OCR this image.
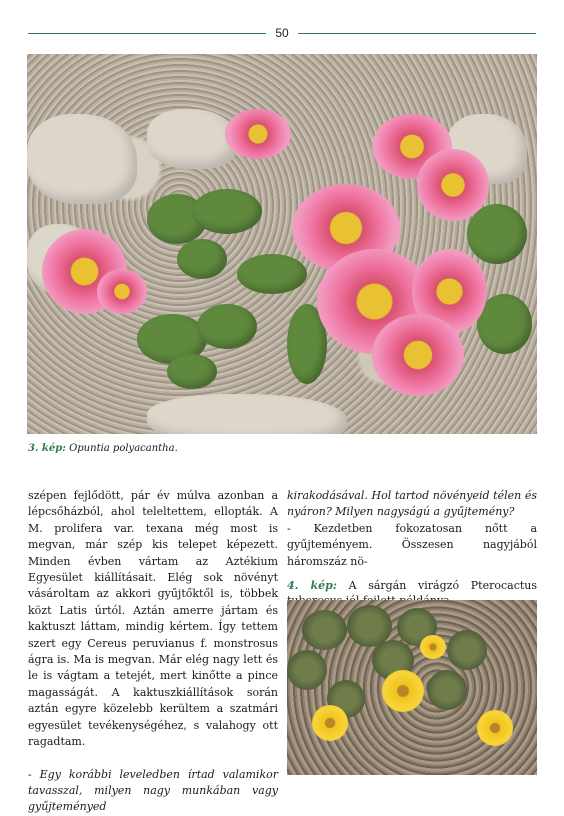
50
3. kép: Opuntia polyacantha.

szépen fejlődött, pár év múlva azonban a lépcsőházból, ahol teleltettem, ellopták. A M. prolifera var. texana még most is megvan, már szép kis telepet képezett. Minden évben vártam az Aztékium Egyesület kiállításait. Elég sok növényt vásároltam az akkori gyűjtőktől is, többek közt Latis úrtól. Aztán amerre jártam és kaktuszt láttam, mindig kértem. Így tettem szert egy Cereus peruvianus f. monstrosus ágra is. Ma is megvan. Már elég nagy lett és le is vágtam a tetejét, mert kinőtte a pince magasságát. A kaktuszkiállítások során aztán egyre közelebb kerültem a szatmári egyesület tevékenységéhez, s valahogy ott ragadtam.

- Egy korábbi leveledben írtad valamikor tavasszal, milyen nagy munkában vagy gyűjteményed

kirakodásával. Hol tartod növényeid télen és nyáron? Milyen nagyságú a gyűjtemény?

- Kezdetben fokozatosan nőtt a gyűjteményem. Összesen nagyjából háromszáz nö-

4. kép: A sárgán virágzó Pterocactus
